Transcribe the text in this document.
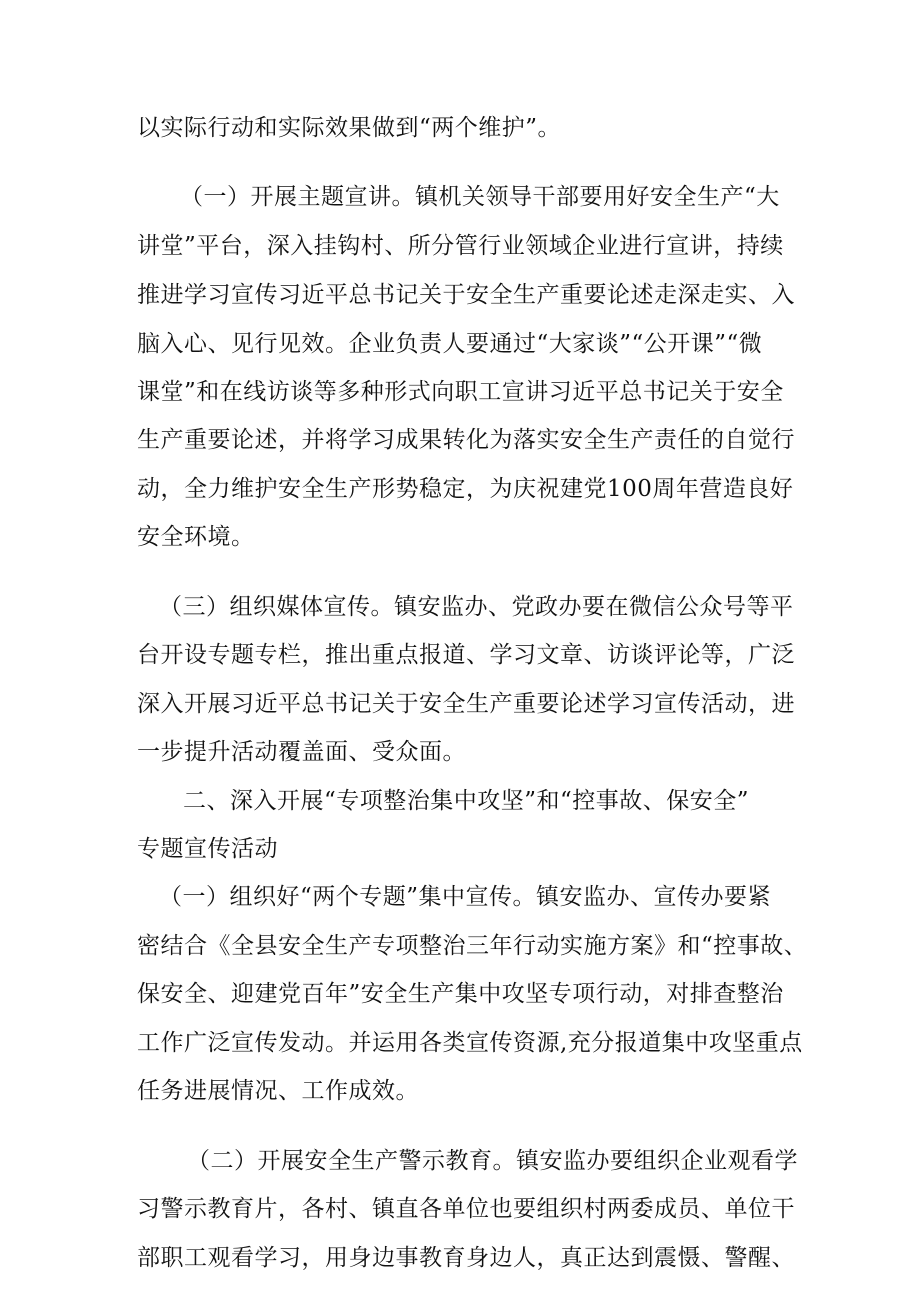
以实际行动和实际效果做到“两个维护”。
（一）开展主题宣讲。镇机关领导干部要用好安全生产“大
讲堂”平台，深入挂钩村、所分管行业领域企业进行宣讲，持续
推进学习宣传习近平总书记关于安全生产重要论述走深走实、入
脑入心、见行见效。企业负责人要通过“大家谈”“公开课”“微
课堂”和在线访谈等多种形式向职工宣讲习近平总书记关于安全
生产重要论述，并将学习成果转化为落实安全生产责任的自觉行
动，全力维护安全生产形势稳定，为庆祝建党100周年营造良好
安全环境。
（三）组织媒体宣传。镇安监办、党政办要在微信公众号等平
台开设专题专栏，推出重点报道、学习文章、访谈评论等，广泛
深入开展习近平总书记关于安全生产重要论述学习宣传活动，进
一步提升活动覆盖面、受众面。
二、深入开展“专项整治集中攻坚”和“控事故、保安全”
专题宣传活动
（一）组织好“两个专题”集中宣传。镇安监办、宣传办要紧
密结合《全县安全生产专项整治三年行动实施方案》和“控事故、
保安全、迎建党百年”安全生产集中攻坚专项行动，对排查整治
工作广泛宣传发动。并运用各类宣传资源,充分报道集中攻坚重点
任务进展情况、工作成效。
（二）开展安全生产警示教育。镇安监办要组织企业观看学
习警示教育片，各村、镇直各单位也要组织村两委成员、单位干
部职工观看学习，用身边事教育身边人，真正达到震慑、警醒、
